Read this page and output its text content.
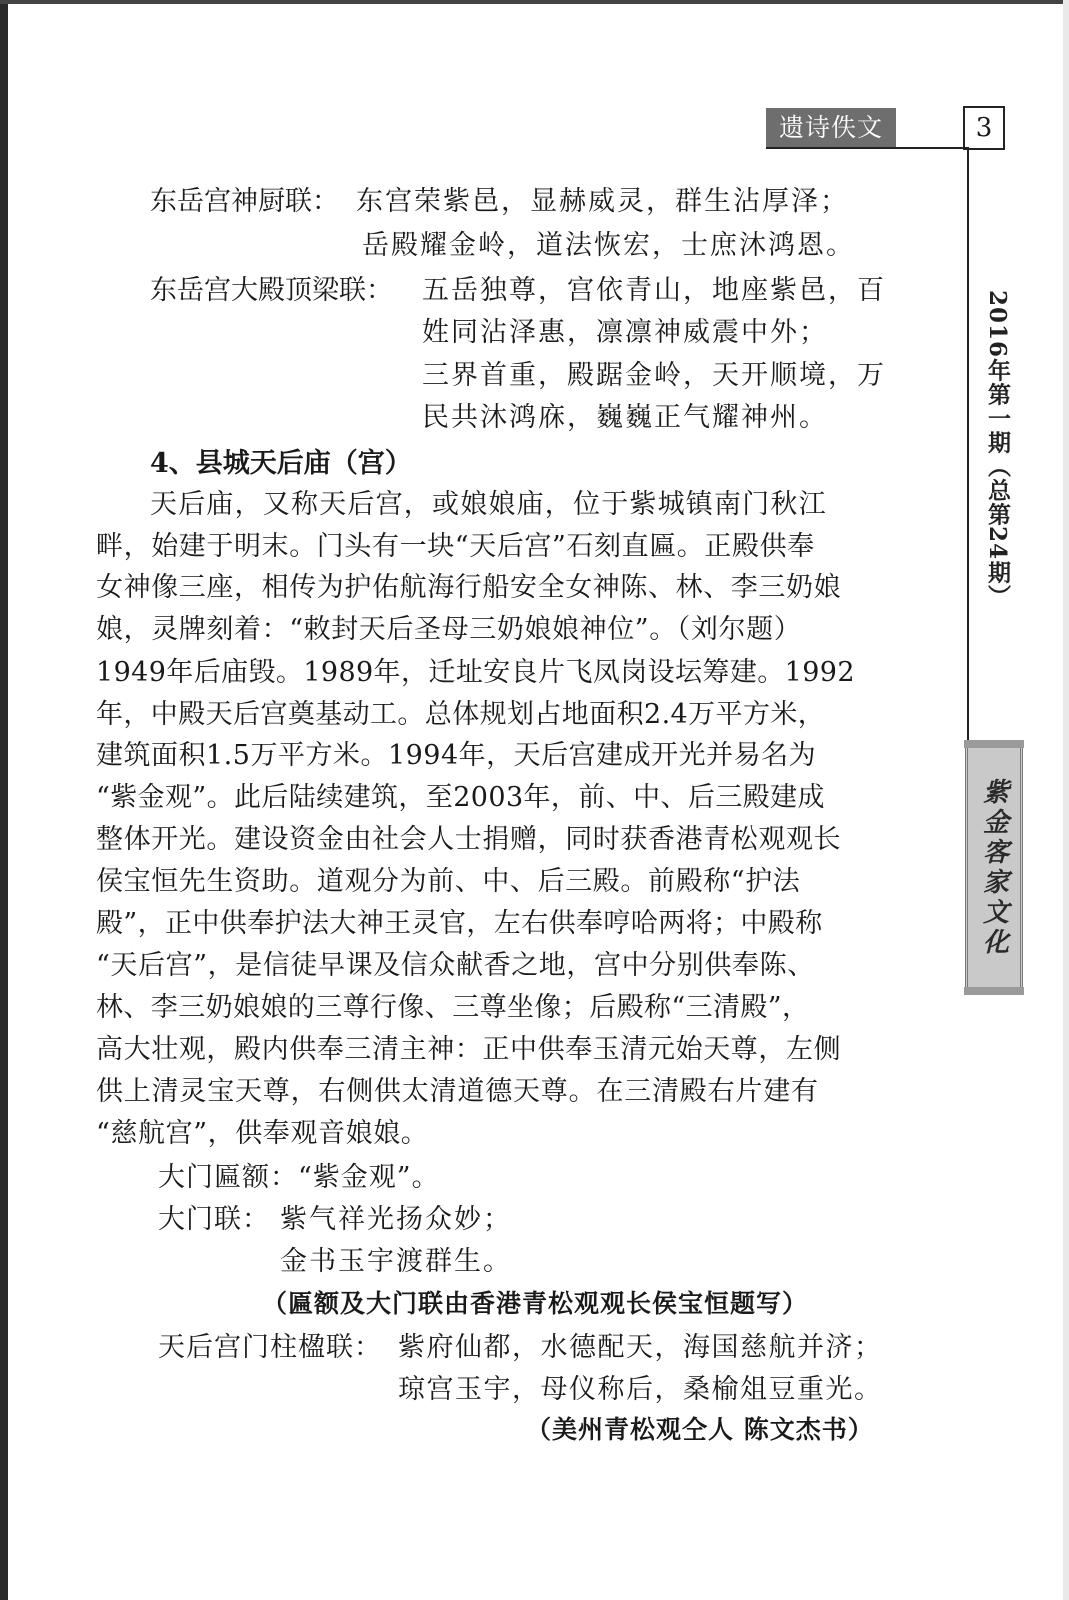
遗诗佚文	3
2016年第一期（总第24期）
紫金客家文化
东岳宫神厨联： 东宫荣紫邑，显赫威灵，群生沾厚泽；
岳殿耀金岭，道法恢宏，士庶沐鸿恩。
东岳宫大殿顶梁联： 五岳独尊，宫依青山，地座紫邑，百
姓同沾泽惠，凛凛神威震中外；
三界首重，殿踞金岭，天开顺境，万
民共沐鸿庥，巍巍正气耀神州。
4、县城天后庙（宫）
天后庙，又称天后宫，或娘娘庙，位于紫城镇南门秋江
畔，始建于明末。门头有一块“天后宫”石刻直匾。正殿供奉
女神像三座，相传为护佑航海行船安全女神陈、林、李三奶娘
娘，灵牌刻着：“敕封天后圣母三奶娘娘神位”。（刘尔题）
1949年后庙毁。1989年，迁址安良片飞凤岗设坛筹建。1992
年，中殿天后宫奠基动工。总体规划占地面积2.4万平方米，
建筑面积1.5万平方米。1994年，天后宫建成开光并易名为
“紫金观”。此后陆续建筑，至2003年，前、中、后三殿建成
整体开光。建设资金由社会人士捐赠，同时获香港青松观观长
侯宝恒先生资助。道观分为前、中、后三殿。前殿称“护法
殿”，正中供奉护法大神王灵官，左右供奉哼哈两将；中殿称
“天后宫”，是信徒早课及信众献香之地，宫中分别供奉陈、
林、李三奶娘娘的三尊行像、三尊坐像；后殿称“三清殿”，
高大壮观，殿内供奉三清主神：正中供奉玉清元始天尊，左侧
供上清灵宝天尊，右侧供太清道德天尊。在三清殿右片建有
“慈航宫”，供奉观音娘娘。
大门匾额：“紫金观”。
大门联： 紫气祥光扬众妙；
金书玉宇渡群生。
（匾额及大门联由香港青松观观长侯宝恒题写）
天后宫门柱楹联： 紫府仙都，水德配天，海国慈航并济；
琼宫玉宇，母仪称后，桑榆俎豆重光。
（美州青松观仝人 陈文杰书）
